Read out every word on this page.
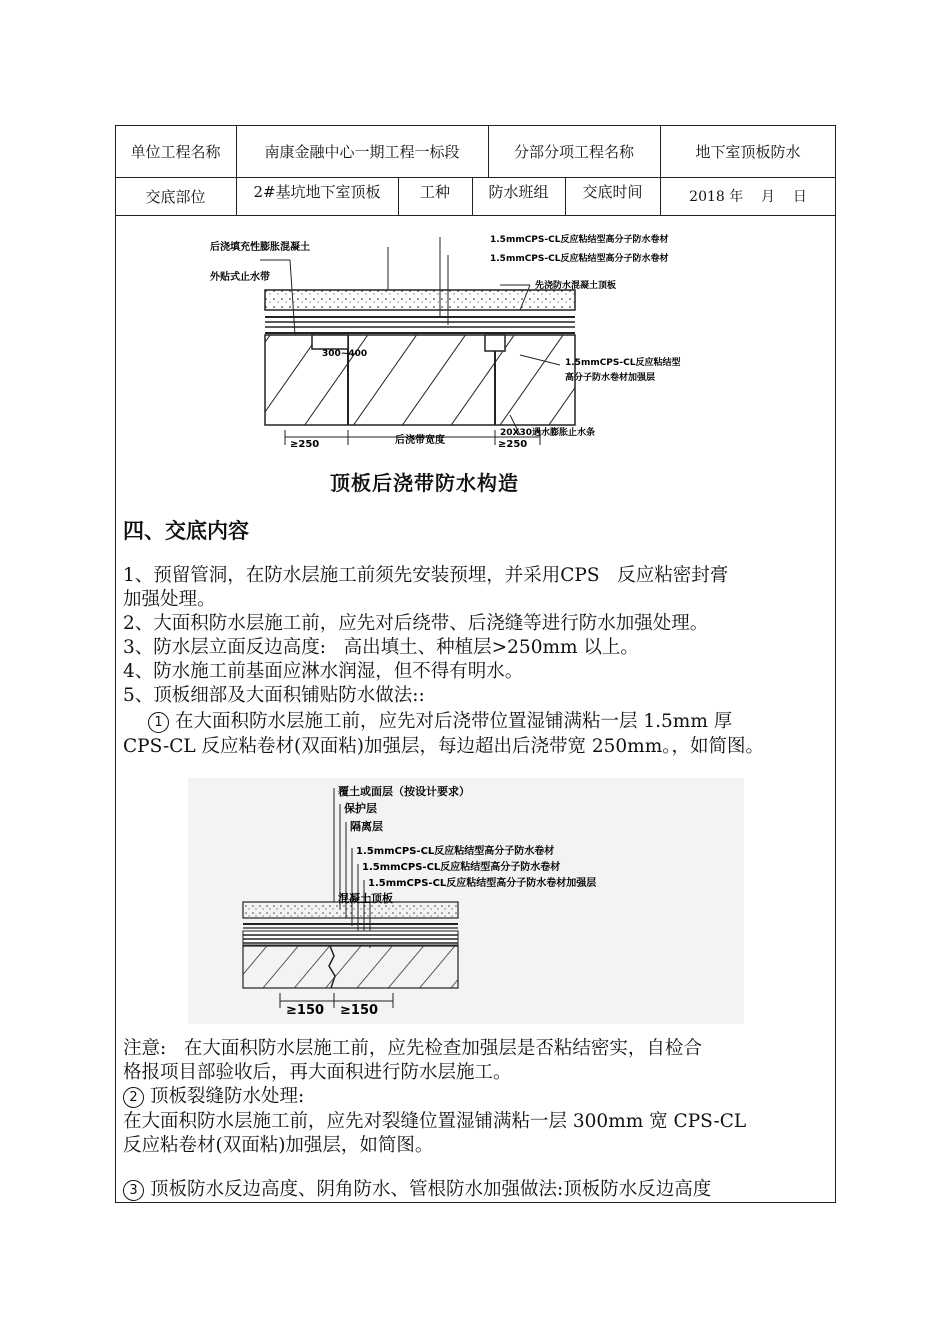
单位工程名称	南康金融中心一期工程一标段	分部分项工程名称	地下室顶板防水
交底部位	2#基坑地下室顶板	工种	防水班组	交底时间	2018 年    月    日
后浇填充性膨胀混凝土
外贴式止水带
1.5mmCPS-CL反应粘结型高分子防水卷材
1.5mmCPS-CL反应粘结型高分子防水卷材
先浇防水混凝土顶板
1.5mmCPS-CL反应粘结型
高分子防水卷材加强层
20X30遇水膨胀止水条
300~400
≥250	后浇带宽度	≥250
顶板后浇带防水构造
四、交底内容
1、预留管洞，在防水层施工前须先安装预埋，并采用CPS   反应粘密封膏
加强处理。
2、大面积防水层施工前，应先对后绕带、后浇缝等进行防水加强处理。
3、防水层立面反边高度:   高出填土、种植层>250mm 以上。
4、防水施工前基面应淋水润湿，但不得有明水。
5、顶板细部及大面积铺贴防水做法::
1 在大面积防水层施工前，应先对后浇带位置湿铺满粘一层 1.5mm 厚
CPS-CL 反应粘卷材(双面粘)加强层，每边超出后浇带宽 250mm。，如简图。
覆土或面层（按设计要求）
保护层
隔离层
1.5mmCPS-CL反应粘结型高分子防水卷材
1.5mmCPS-CL反应粘结型高分子防水卷材
1.5mmCPS-CL反应粘结型高分子防水卷材加强层
混凝土顶板
≥150 ≥150
注意:   在大面积防水层施工前，应先检查加强层是否粘结密实，自检合
格报项目部验收后，再大面积进行防水层施工。
2 顶板裂缝防水处理:
在大面积防水层施工前，应先对裂缝位置湿铺满粘一层 300mm 宽 CPS-CL
反应粘卷材(双面粘)加强层，如简图。
3 顶板防水反边高度、阴角防水、管根防水加强做法:顶板防水反边高度
